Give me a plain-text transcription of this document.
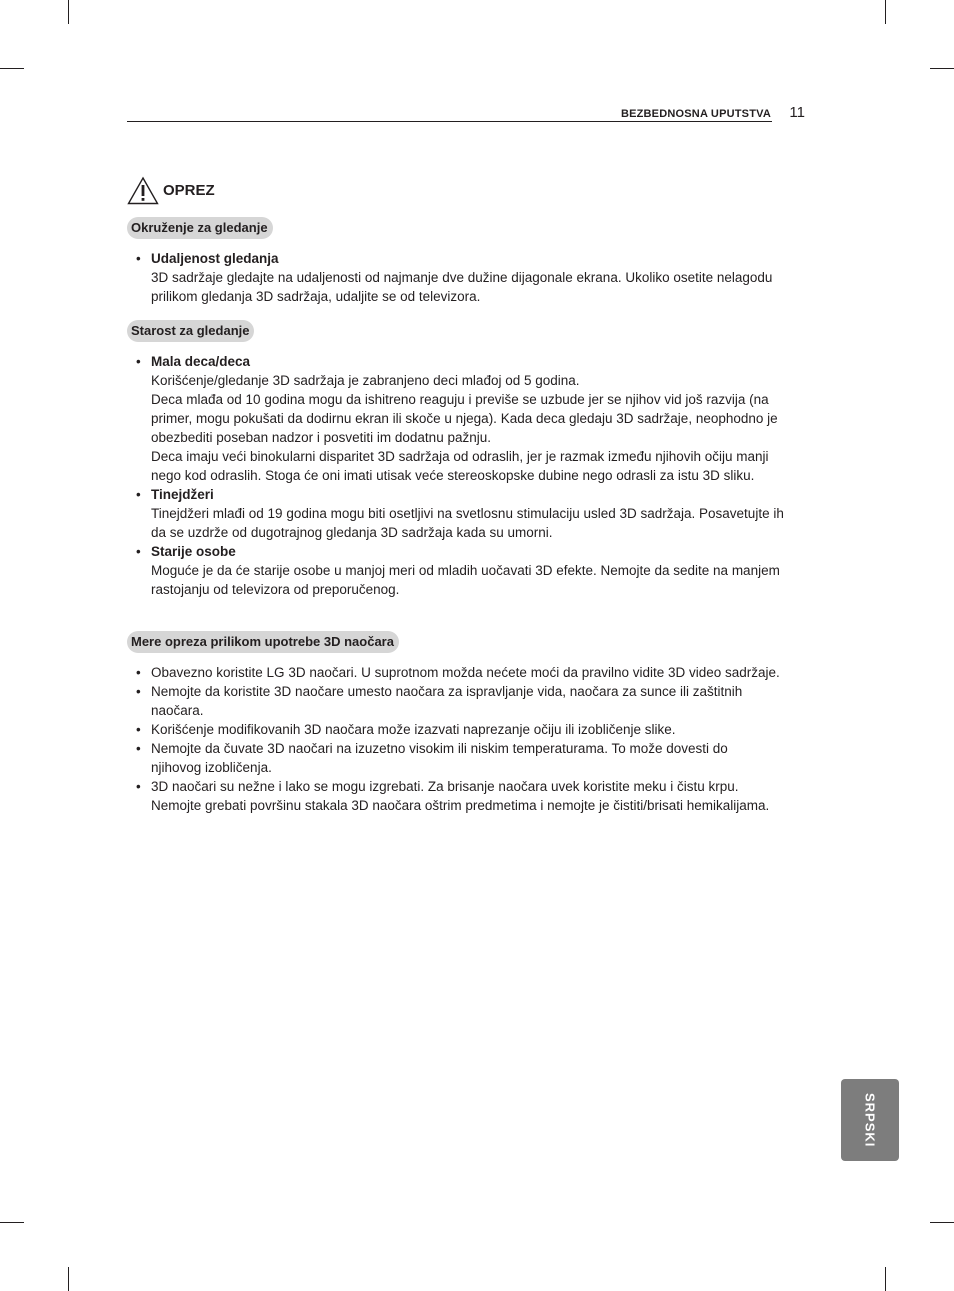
BEZBEDNOSNA UPUTSTVA 11
OPREZ
Okruženje za gledanje
• Udaljenost gledanja
3D sadržaje gledajte na udaljenosti od najmanje dve dužine dijagonale ekrana. Ukoliko osetite nelagodu prilikom gledanja 3D sadržaja, udaljite se od televizora.
Starost za gledanje
• Mala deca/deca
Korišćenje/gledanje 3D sadržaja je zabranjeno deci mlađoj od 5 godina.
Deca mlađa od 10 godina mogu da ishitreno reaguju i previše se uzbude jer se njihov vid još razvija (na primer, mogu pokušati da dodirnu ekran ili skoče u njega). Kada deca gledaju 3D sadržaje, neophodno je obezbediti poseban nadzor i posvetiti im dodatnu pažnju.
Deca imaju veći binokularni disparitet 3D sadržaja od odraslih, jer je razmak između njihovih očiju manji nego kod odraslih. Stoga će oni imati utisak veće stereoskopske dubine nego odrasli za istu 3D sliku.
• Tinejdžeri
Tinejdžeri mlađi od 19 godina mogu biti osetljivi na svetlosnu stimulaciju usled 3D sadržaja. Posavetujte ih da se uzdrže od dugotrajnog gledanja 3D sadržaja kada su umorni.
• Starije osobe
Moguće je da će starije osobe u manjoj meri od mladih uočavati 3D efekte. Nemojte da sedite na manjem rastojanju od televizora od preporučenog.
Mere opreza prilikom upotrebe 3D naočara
• Obavezno koristite LG 3D naočari. U suprotnom možda nećete moći da pravilno vidite 3D video sadržaje.
• Nemojte da koristite 3D naočare umesto naočara za ispravljanje vida, naočara za sunce ili zaštitnih naočara.
• Korišćenje modifikovanih 3D naočara može izazvati naprezanje očiju ili izobličenje slike.
• Nemojte da čuvate 3D naočari na izuzetno visokim ili niskim temperaturama. To može dovesti do njihovog izobličenja.
• 3D naočari su nežne i lako se mogu izgrebati. Za brisanje naočara uvek koristite meku i čistu krpu. Nemojte grebati površinu stakala 3D naočara oštrim predmetima i nemojte je čistiti/brisati hemikalijama.
SRPSKI
